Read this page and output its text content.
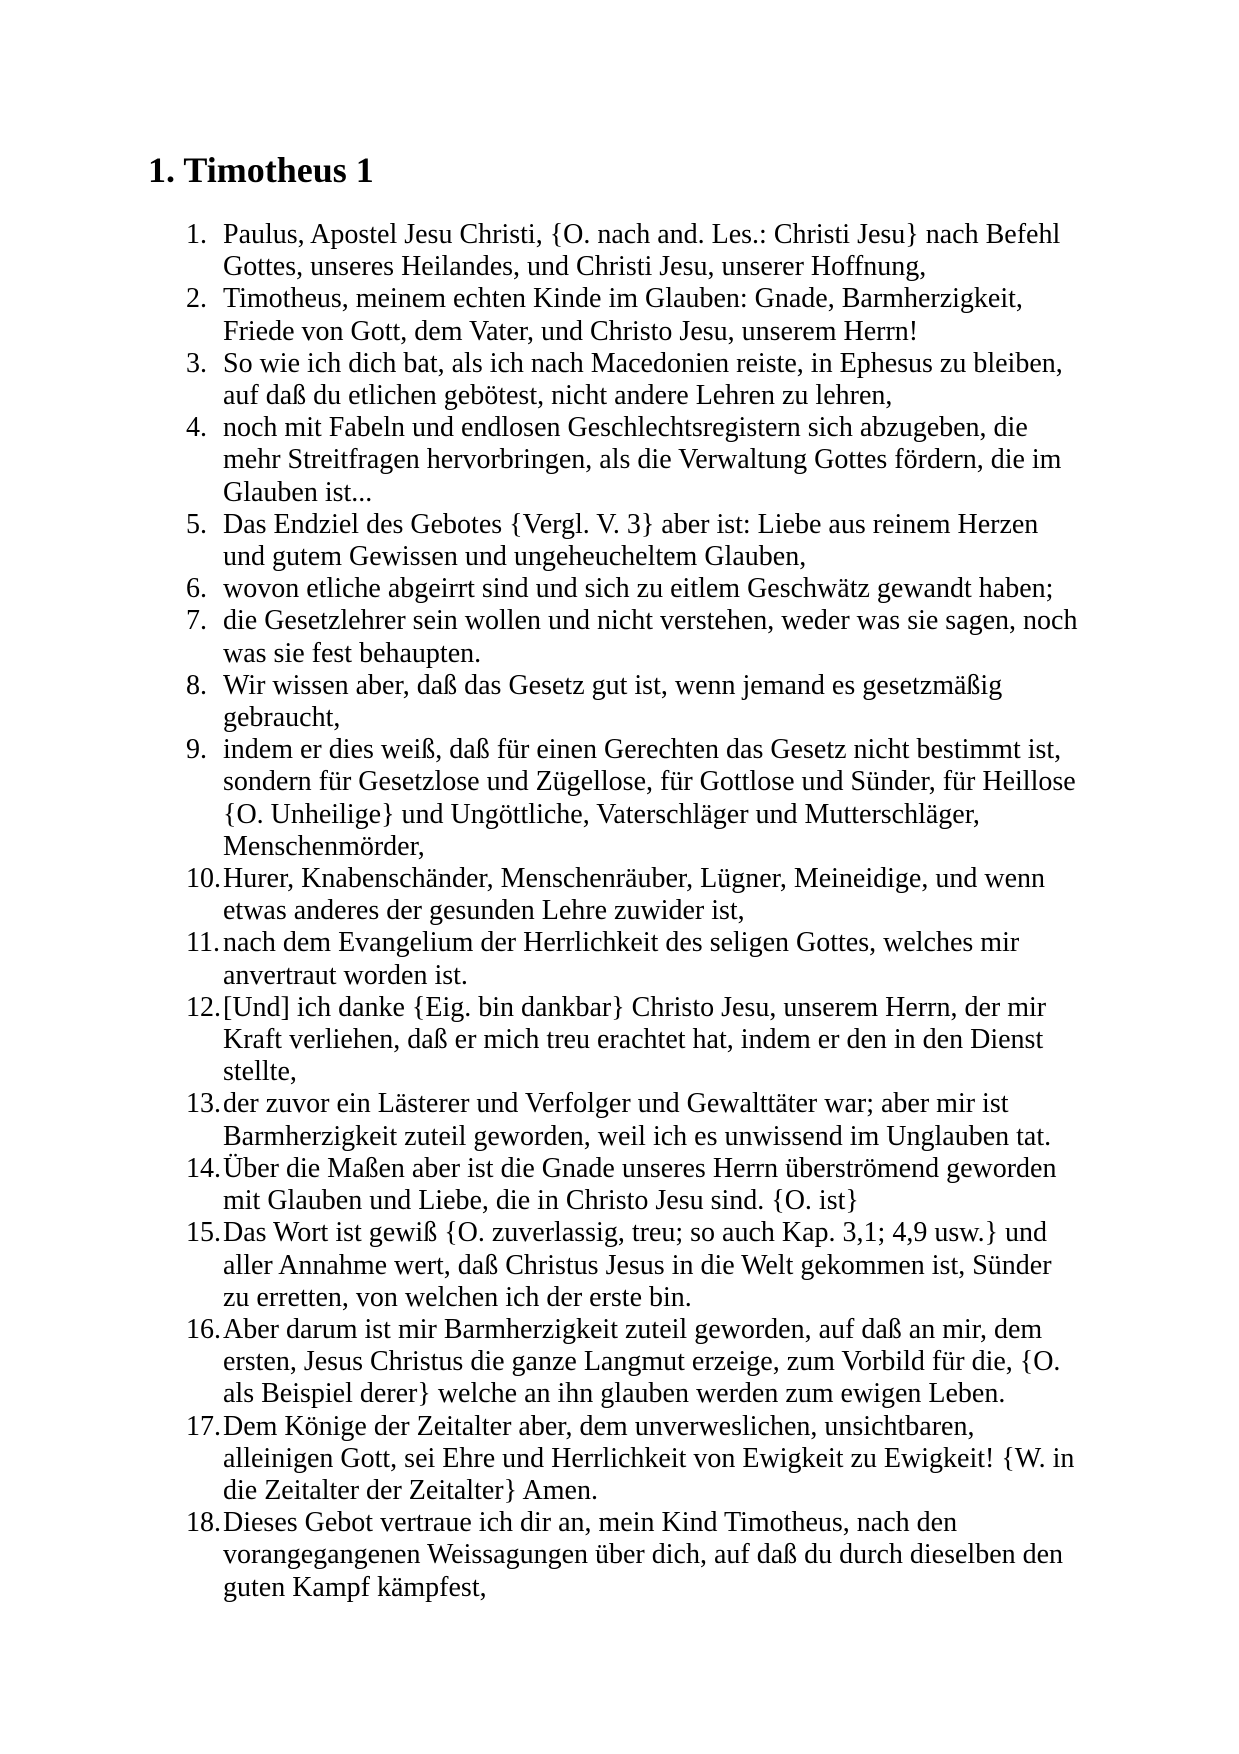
1. Timotheus 1
1. Paulus, Apostel Jesu Christi, {O. nach and. Les.: Christi Jesu} nach Befehl
Gottes, unseres Heilandes, und Christi Jesu, unserer Hoffnung,
2. Timotheus, meinem echten Kinde im Glauben: Gnade, Barmherzigkeit,
Friede von Gott, dem Vater, und Christo Jesu, unserem Herrn!
3. So wie ich dich bat, als ich nach Macedonien reiste, in Ephesus zu bleiben,
auf daß du etlichen gebötest, nicht andere Lehren zu lehren,
4. noch mit Fabeln und endlosen Geschlechtsregistern sich abzugeben, die
mehr Streitfragen hervorbringen, als die Verwaltung Gottes fördern, die im
Glauben ist...
5. Das Endziel des Gebotes {Vergl. V. 3} aber ist: Liebe aus reinem Herzen
und gutem Gewissen und ungeheucheltem Glauben,
6. wovon etliche abgeirrt sind und sich zu eitlem Geschwätz gewandt haben;
7. die Gesetzlehrer sein wollen und nicht verstehen, weder was sie sagen, noch
was sie fest behaupten.
8. Wir wissen aber, daß das Gesetz gut ist, wenn jemand es gesetzmäßig
gebraucht,
9. indem er dies weiß, daß für einen Gerechten das Gesetz nicht bestimmt ist,
sondern für Gesetzlose und Zügellose, für Gottlose und Sünder, für Heillose
{O. Unheilige} und Ungöttliche, Vaterschläger und Mutterschläger,
Menschenmörder,
10. Hurer, Knabenschänder, Menschenräuber, Lügner, Meineidige, und wenn
etwas anderes der gesunden Lehre zuwider ist,
11. nach dem Evangelium der Herrlichkeit des seligen Gottes, welches mir
anvertraut worden ist.
12. [Und] ich danke {Eig. bin dankbar} Christo Jesu, unserem Herrn, der mir
Kraft verliehen, daß er mich treu erachtet hat, indem er den in den Dienst
stellte,
13. der zuvor ein Lästerer und Verfolger und Gewalttäter war; aber mir ist
Barmherzigkeit zuteil geworden, weil ich es unwissend im Unglauben tat.
14. Über die Maßen aber ist die Gnade unseres Herrn überströmend geworden
mit Glauben und Liebe, die in Christo Jesu sind. {O. ist}
15. Das Wort ist gewiß {O. zuverlassig, treu; so auch Kap. 3,1; 4,9 usw.} und
aller Annahme wert, daß Christus Jesus in die Welt gekommen ist, Sünder
zu erretten, von welchen ich der erste bin.
16. Aber darum ist mir Barmherzigkeit zuteil geworden, auf daß an mir, dem
ersten, Jesus Christus die ganze Langmut erzeige, zum Vorbild für die, {O.
als Beispiel derer} welche an ihn glauben werden zum ewigen Leben.
17. Dem Könige der Zeitalter aber, dem unverweslichen, unsichtbaren,
alleinigen Gott, sei Ehre und Herrlichkeit von Ewigkeit zu Ewigkeit! {W. in
die Zeitalter der Zeitalter} Amen.
18. Dieses Gebot vertraue ich dir an, mein Kind Timotheus, nach den
vorangegangenen Weissagungen über dich, auf daß du durch dieselben den
guten Kampf kämpfest,
